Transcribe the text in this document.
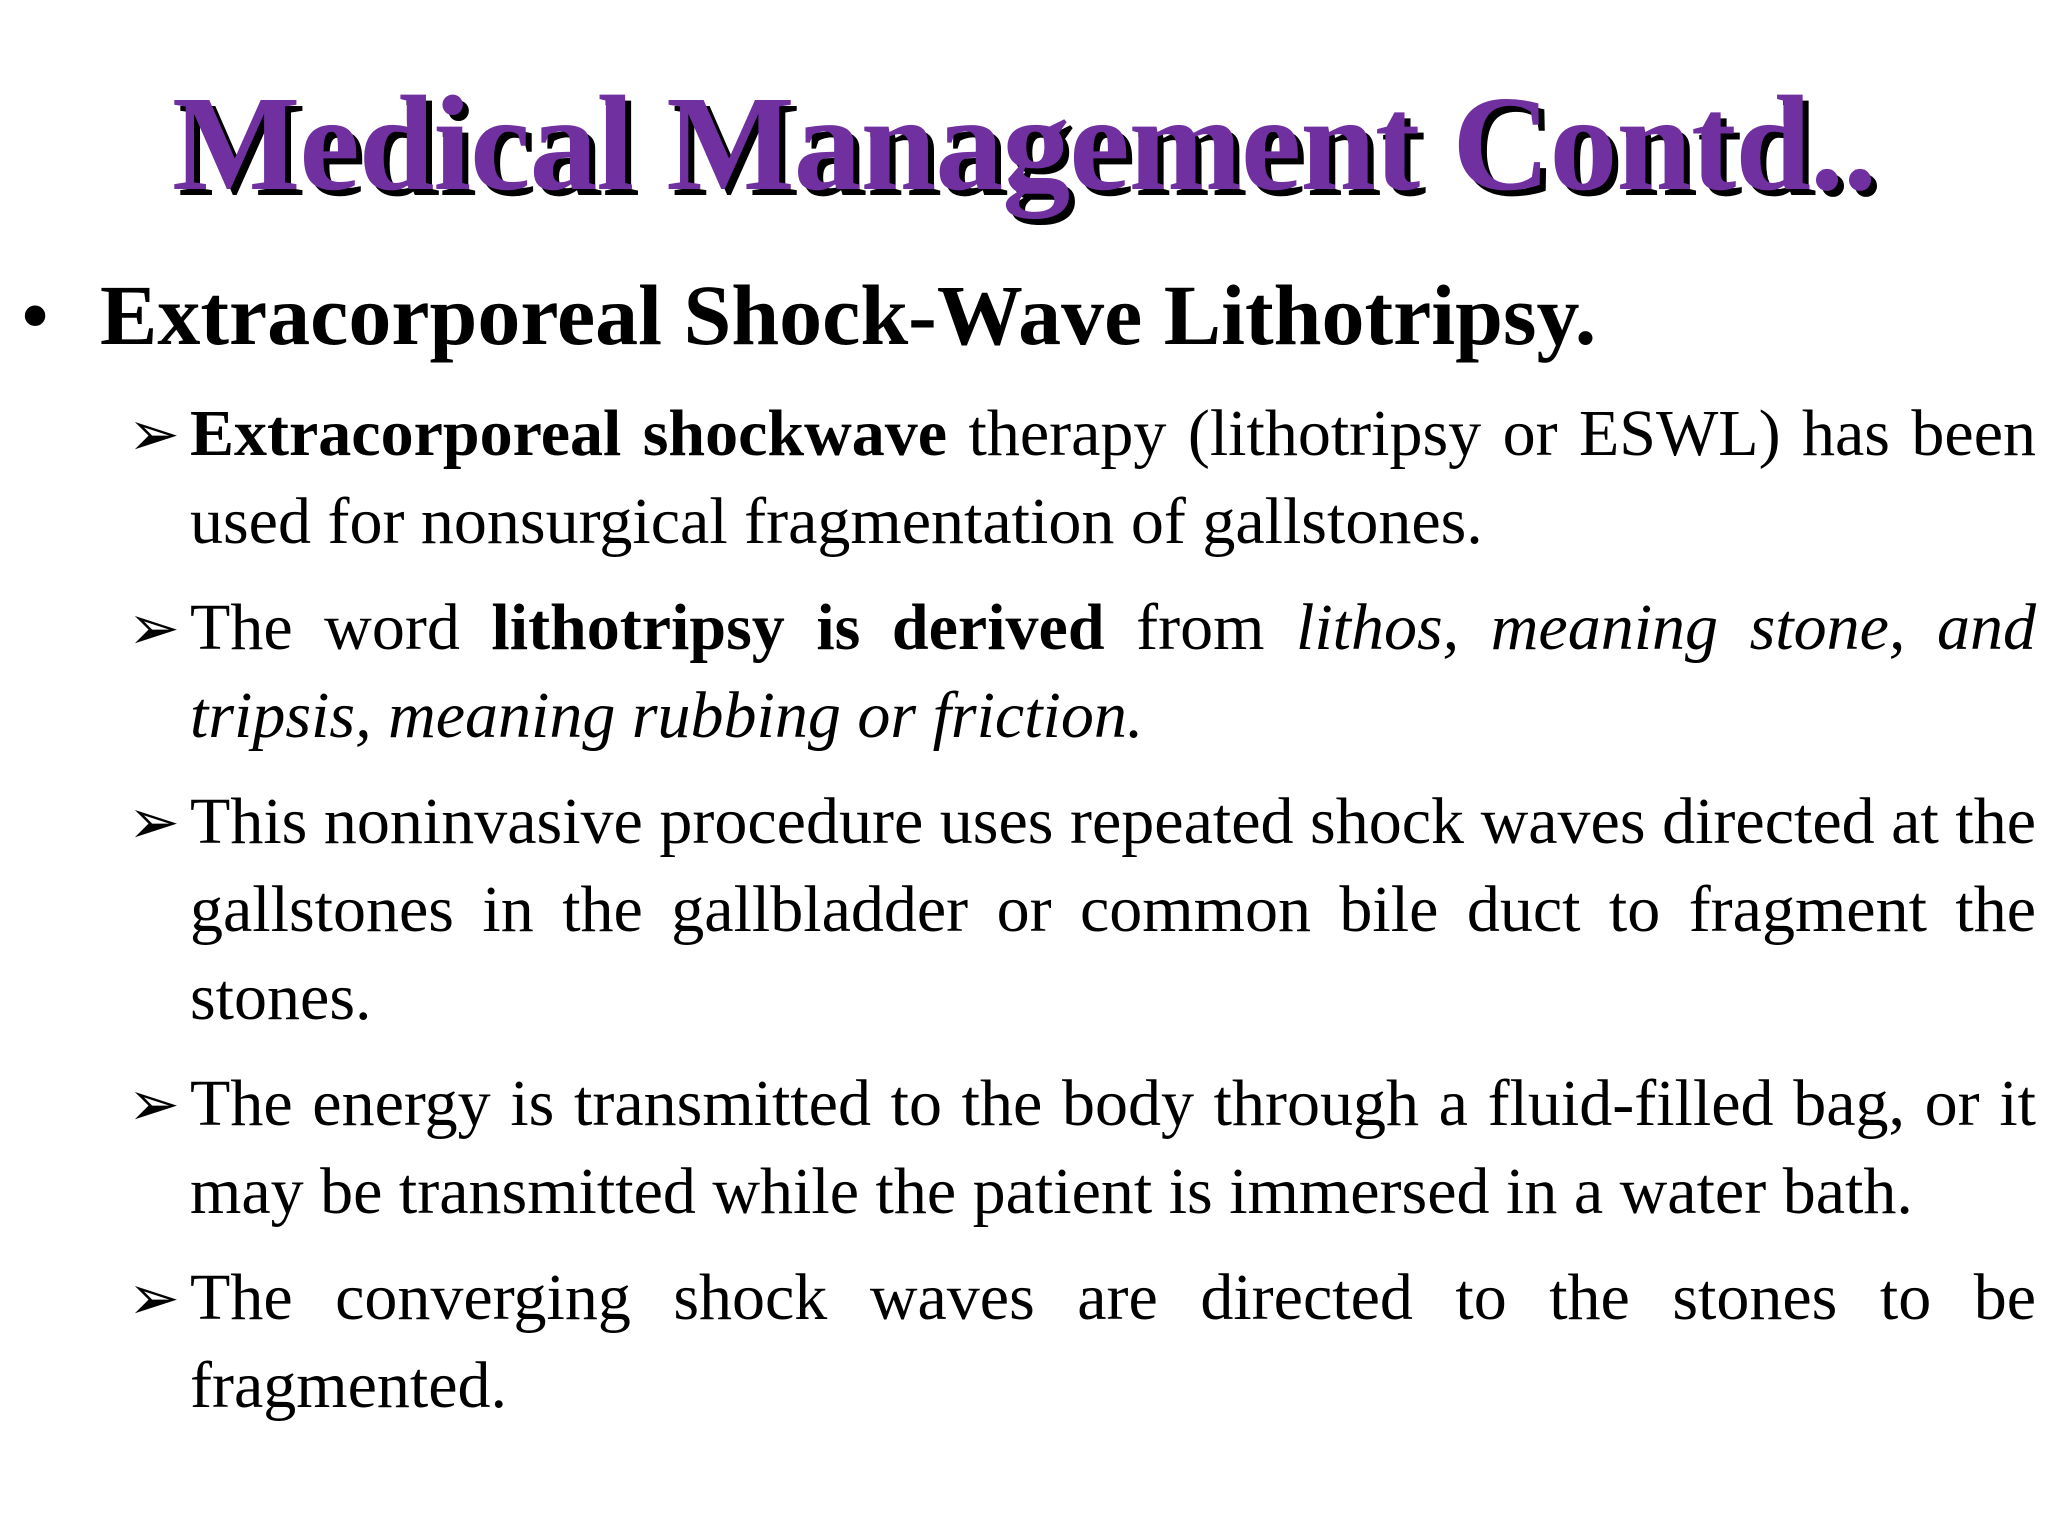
Medical Management Contd..
• Extracorporeal Shock-Wave Lithotripsy.
➢ Extracorporeal shockwave therapy (lithotripsy or ESWL) has been used for nonsurgical fragmentation of gallstones.
➢ The word lithotripsy is derived from lithos, meaning stone, and tripsis, meaning rubbing or friction.
➢ This noninvasive procedure uses repeated shock waves directed at the gallstones in the gallbladder or common bile duct to fragment the stones.
➢ The energy is transmitted to the body through a fluid-filled bag, or it may be transmitted while the patient is immersed in a water bath.
➢ The converging shock waves are directed to the stones to be fragmented.
